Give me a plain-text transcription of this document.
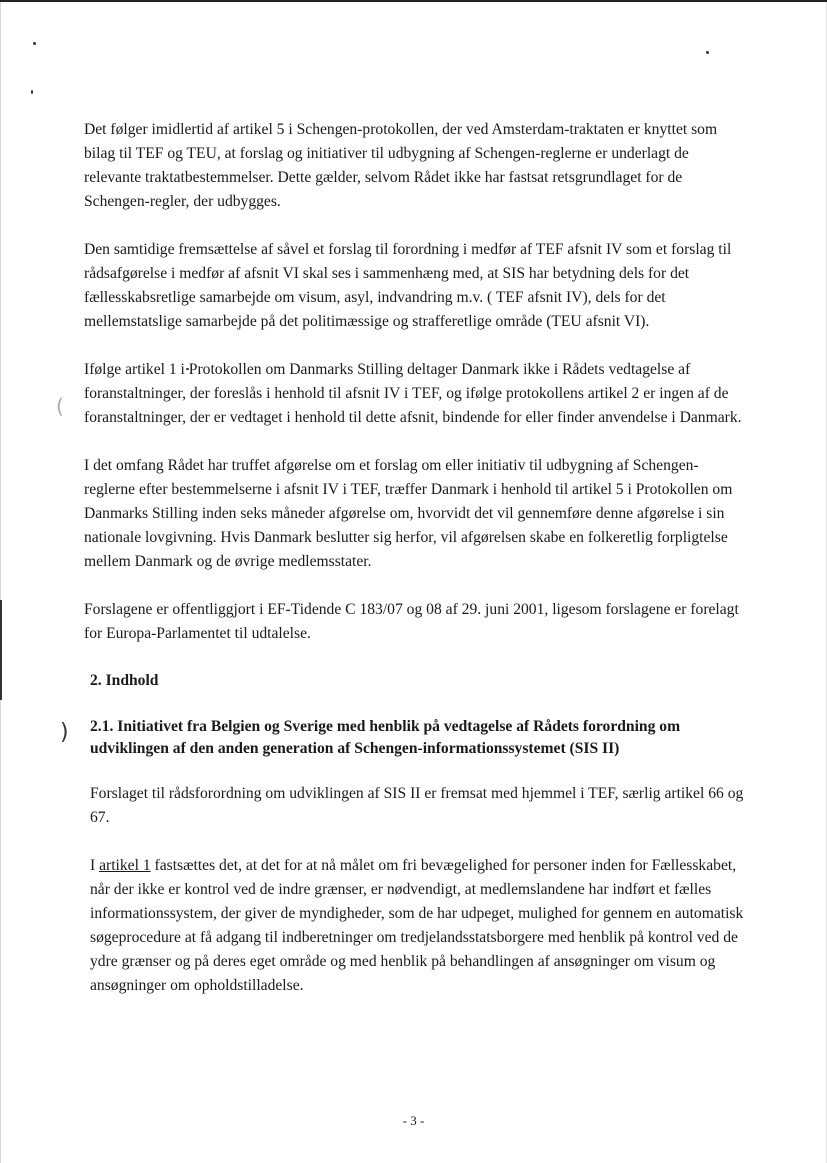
(
)

Det følger imidlertid af artikel 5 i Schengen-protokollen, der ved Amsterdam-traktaten er knyttet som bilag til TEF og TEU, at forslag og initiativer til udbygning af Schengen-reglerne er underlagt de relevante traktatbestemmelser. Dette gælder, selvom Rådet ikke har fastsat retsgrundlaget for de Schengen-regler, der udbygges.

Den samtidige fremsættelse af såvel et forslag til forordning i medfør af TEF afsnit IV som et forslag til rådsafgørelse i medfør af afsnit VI skal ses i sammenhæng med, at SIS har betydning dels for det fællesskabsretlige samarbejde om visum, asyl, indvandring m.v. ( TEF afsnit IV), dels for det mellemstatslige samarbejde på det politimæssige og strafferetlige område (TEU afsnit VI).

Ifølge artikel 1 i Protokollen om Danmarks Stilling deltager Danmark ikke i Rådets vedtagelse af foranstaltninger, der foreslås i henhold til afsnit IV i TEF, og ifølge protokollens artikel 2 er ingen af de foranstaltninger, der er vedtaget i henhold til dette afsnit, bindende for eller finder anvendelse i Danmark.

I det omfang Rådet har truffet afgørelse om et forslag om eller initiativ til udbygning af Schengen-reglerne efter bestemmelserne i afsnit IV i TEF, træffer Danmark i henhold til artikel 5 i Protokollen om Danmarks Stilling inden seks måneder afgørelse om, hvorvidt det vil gennemføre denne afgørelse i sin nationale lovgivning. Hvis Danmark beslutter sig herfor, vil afgørelsen skabe en folkeretlig forpligtelse mellem Danmark og de øvrige medlemsstater.

Forslagene er offentliggjort i EF-Tidende C 183/07 og 08 af 29. juni 2001, ligesom forslagene er forelagt for Europa-Parlamentet til udtalelse.

2. Indhold
2.1. Initiativet fra Belgien og Sverige med henblik på vedtagelse af Rådets forordning om udviklingen af den anden generation af Schengen-informationssystemet (SIS II)

Forslaget til rådsforordning om udviklingen af SIS II er fremsat med hjemmel i TEF, særlig artikel 66 og 67.

I artikel 1 fastsættes det, at det for at nå målet om fri bevægelighed for personer inden for Fællesskabet, når der ikke er kontrol ved de indre grænser, er nødvendigt, at medlemslandene har indført et fælles informationssystem, der giver de myndigheder, som de har udpeget, mulighed for gennem en automatisk søgeprocedure at få adgang til indberetninger om tredjelandsstatsborgere med henblik på kontrol ved de ydre grænser og på deres eget område og med henblik på behandlingen af ansøgninger om visum og ansøgninger om opholdstilladelse.

- 3 -
